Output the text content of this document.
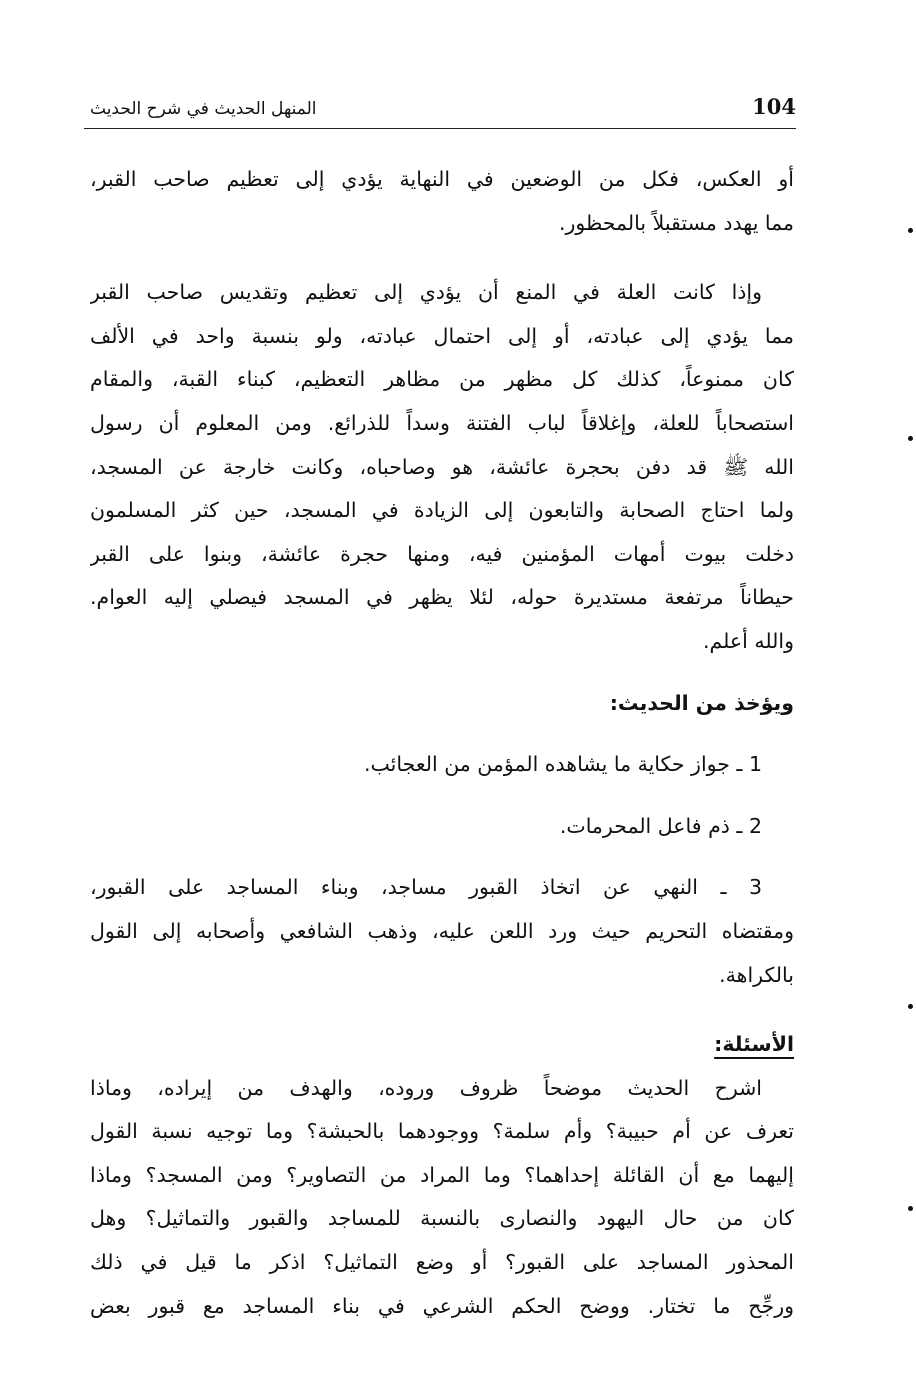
104
المنهل الحديث في شرح الحديث
أو العكس، فكل من الوضعين في النهاية يؤدي إلى تعظيم صاحب القبر،
مما يهدد مستقبلاً بالمحظور.
وإذا كانت العلة في المنع أن يؤدي إلى تعظيم وتقديس صاحب القبر
مما يؤدي إلى عبادته، أو إلى احتمال عبادته، ولو بنسبة واحد في الألف
كان ممنوعاً، كذلك كل مظهر من مظاهر التعظيم، كبناء القبة، والمقام
استصحاباً للعلة، وإغلاقاً لباب الفتنة وسداً للذرائع. ومن المعلوم أن رسول
الله ﷺ قد دفن بحجرة عائشة، هو وصاحباه، وكانت خارجة عن المسجد،
ولما احتاج الصحابة والتابعون إلى الزيادة في المسجد، حين كثر المسلمون
دخلت بيوت أمهات المؤمنين فيه، ومنها حجرة عائشة، وبنوا على القبر
حيطاناً مرتفعة مستديرة حوله، لئلا يظهر في المسجد فيصلي إليه العوام.
والله أعلم.
ويؤخذ من الحديث:
1 ـ جواز حكاية ما يشاهده المؤمن من العجائب.
2 ـ ذم فاعل المحرمات.
3 ـ النهي عن اتخاذ القبور مساجد، وبناء المساجد على القبور،
ومقتضاه التحريم حيث ورد اللعن عليه، وذهب الشافعي وأصحابه إلى القول
بالكراهة.
الأسئلة:
اشرح الحديث موضحاً ظروف وروده، والهدف من إيراده، وماذا
تعرف عن أم حبيبة؟ وأم سلمة؟ ووجودهما بالحبشة؟ وما توجيه نسبة القول
إليهما مع أن القائلة إحداهما؟ وما المراد من التصاوير؟ ومن المسجد؟ وماذا
كان من حال اليهود والنصارى بالنسبة للمساجد والقبور والتماثيل؟ وهل
المحذور المساجد على القبور؟ أو وضع التماثيل؟ اذكر ما قيل في ذلك
ورجِّح ما تختار. ووضح الحكم الشرعي في بناء المساجد مع قبور بعض
